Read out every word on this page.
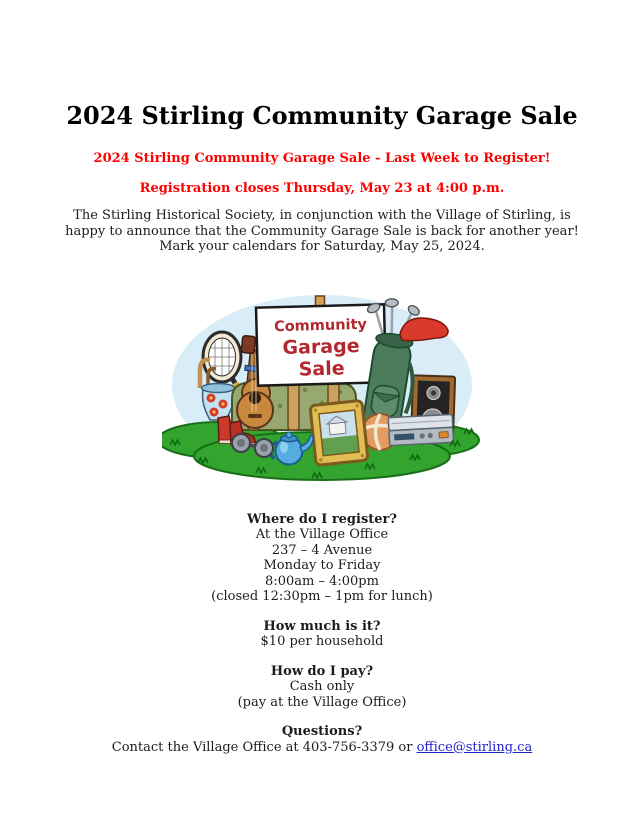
2024 Stirling Community Garage Sale
2024 Stirling Community Garage Sale - Last Week to Register!
Registration closes Thursday, May 23 at 4:00 p.m.
The Stirling Historical Society, in conjunction with the Village of Stirling, is
happy to announce that the Community Garage Sale is back for another year!
Mark your calendars for Saturday, May 25, 2024.
Community
Garage
Sale
Where do I register?
At the Village Office
237 – 4 Avenue
Monday to Friday
8:00am – 4:00pm
(closed 12:30pm – 1pm for lunch)
How much is it?
$10 per household
How do I pay?
Cash only
(pay at the Village Office)
Questions?
Contact the Village Office at 403-756-3379 or office@stirling.ca
